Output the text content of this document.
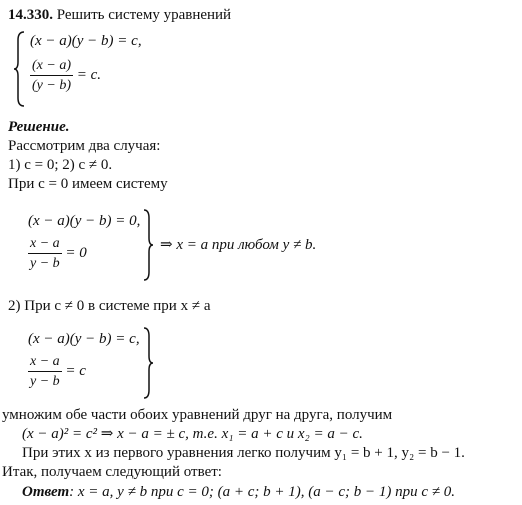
14.330. Решить систему уравнений
(x − a)(y − b) = c,
$\frac{(x - a)}{(y - b)} = c$.
Решение.
Рассмотрим два случая:
1) c = 0; 2) c ≠ 0.
При c = 0 имеем систему
(x − a)(y − b) = 0,
$\frac{x - a}{y - b} = 0$	⇒ x = a при любом y ≠ b.
2) При c ≠ 0 в системе при x ≠ a
(x − a)(y − b) = c,
$\frac{x - a}{y - b} = c$
умножим обе части обоих уравнений друг на друга, получим
(x − a)² = c² ⇒ x − a = ± c, т.е. x₁ = a + c и x₂ = a − c.
При этих x из первого уравнения легко получим y₁ = b + 1, y₂ = b − 1.
Итак, получаем следующий ответ:
Ответ: x = a, y ≠ b при c = 0; (a + c; b + 1), (a − c; b − 1) при c ≠ 0.
